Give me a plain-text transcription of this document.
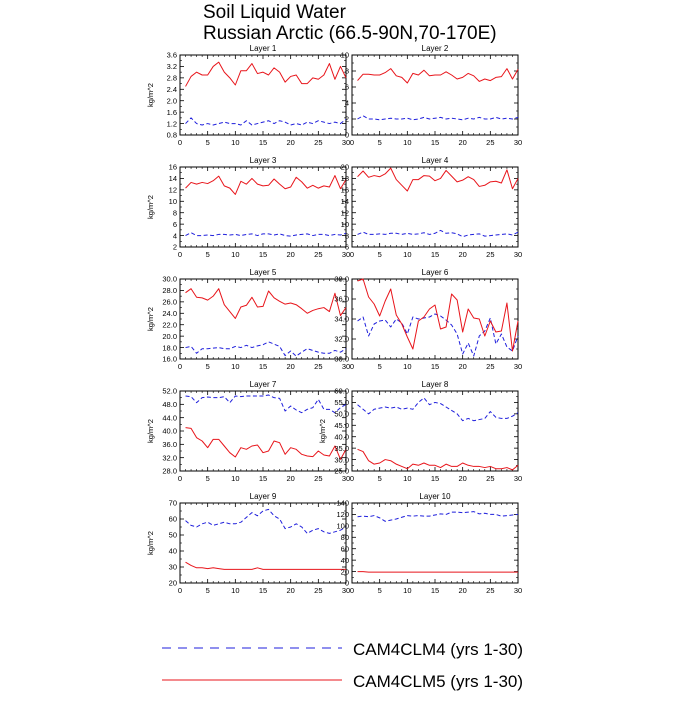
Soil Liquid Water
Russian Arctic (66.5-90N,70-170E)
Layer 1
0	5	10	15	20	25	30
0.8
1.2
1.6
2.0
2.4
2.8
3.2
3.6
kg/m^2
Layer 2
0	5	10	15	20	25	30
0
2
4
6
8
10
Layer 3
0	5	10	15	20	25	30
2
4
6
8
10
12
14
16
kg/m^2
Layer 4
0	5	10	15	20	25	30
6
8
10
12
14
16
18
20
Layer 5
0	5	10	15	20	25	30
16.0
18.0
20.0
22.0
24.0
26.0
28.0
30.0
kg/m^2
Layer 6
0	5	10	15	20	25	30
30.0
32.0
34.0
36.0
38.0
Layer 7
0	5	10	15	20	25	30
28.0
32.0
36.0
40.0
44.0
48.0
52.0
kg/m^2
Layer 8
0	5	10	15	20	25	30
25.0
30.0
35.0
40.0
45.0
50.0
55.0
60.0
kg/m^2
Layer 9
0	5	10	15	20	25	30
20
30
40
50
60
70
kg/m^2
Layer 10
0	5	10	15	20	25	30
0
20
40
60
80
100
120
140
CAM4CLM4 (yrs 1-30)
CAM4CLM5 (yrs 1-30)
